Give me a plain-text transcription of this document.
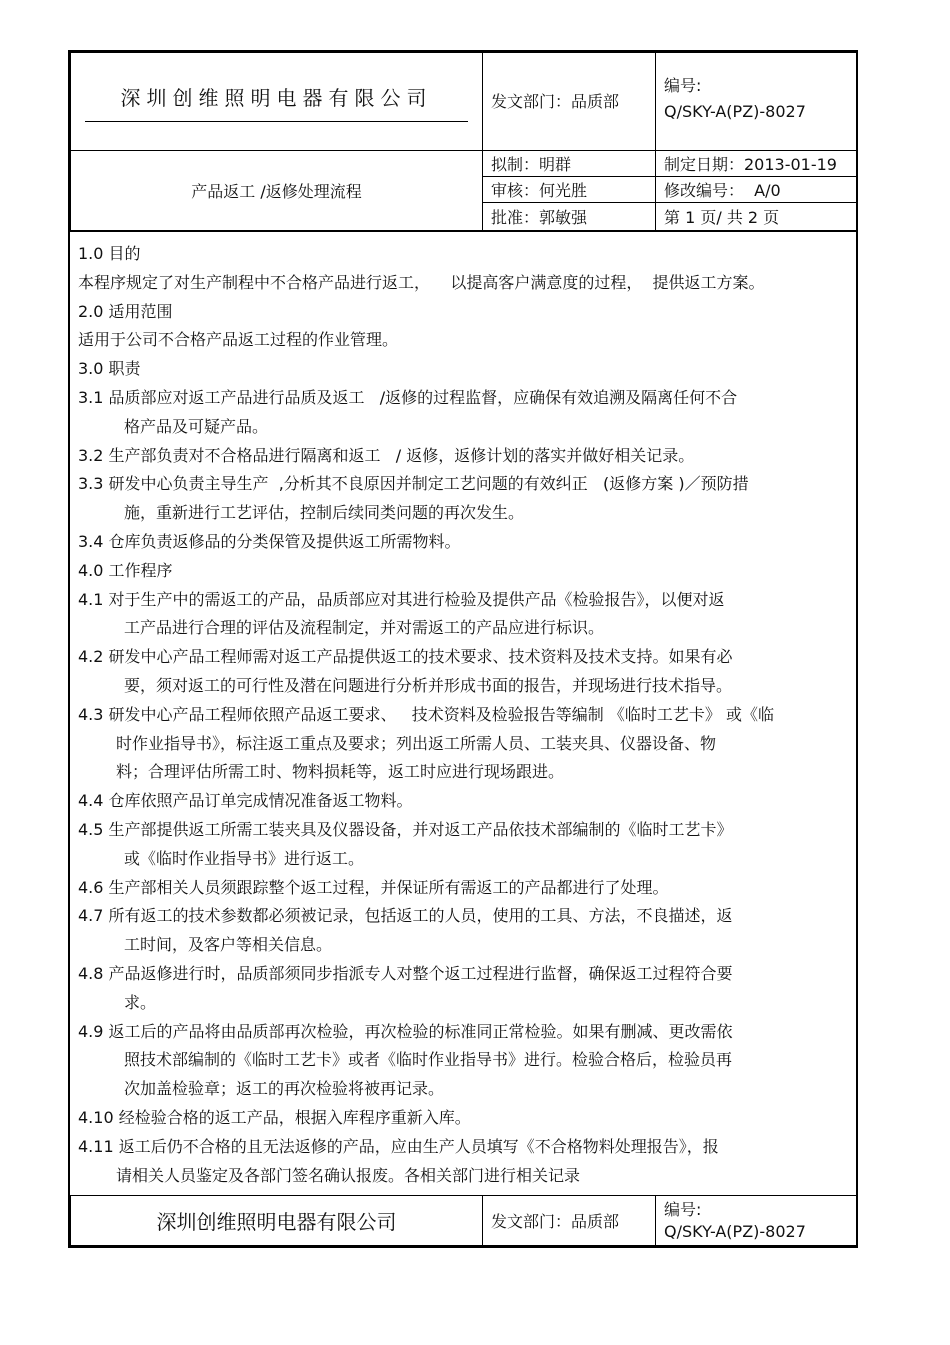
深圳创维照明电器有限公司	发文部门：品质部	编号:
Q/SKY-A(PZ)-8027

产品返工 /返修处理流程	拟制：明群	制定日期：2013-01-19
	审核：何光胜	修改编号：  A/0
	批准：郭敏强	第 1 页/ 共 2 页

1.0 目的

本程序规定了对生产制程中不合格产品进行返工，    以提高客户满意度的过程，  提供返工方案。

2.0 适用范围

适用于公司不合格产品返工过程的作业管理。

3.0 职责

3.1 品质部应对返工产品进行品质及返工   /返修的过程监督，应确保有效追溯及隔离任何不合

格产品及可疑产品。

3.2 生产部负责对不合格品进行隔离和返工   / 返修，返修计划的落实并做好相关记录。

3.3 研发中心负责主导生产  ,分析其不良原因并制定工艺问题的有效纠正   (返修方案 )／预防措

施，重新进行工艺评估，控制后续同类问题的再次发生。

3.4 仓库负责返修品的分类保管及提供返工所需物料。

4.0 工作程序

4.1 对于生产中的需返工的产品，品质部应对其进行检验及提供产品《检验报告》，以便对返

工产品进行合理的评估及流程制定，并对需返工的产品应进行标识。

4.2 研发中心产品工程师需对返工产品提供返工的技术要求、技术资料及技术支持。如果有必

要，须对返工的可行性及潜在问题进行分析并形成书面的报告，并现场进行技术指导。

4.3 研发中心产品工程师依照产品返工要求、   技术资料及检验报告等编制 《临时工艺卡》 或《临

时作业指导书》，标注返工重点及要求；列出返工所需人员、工装夹具、仪器设备、物

料；合理评估所需工时、物料损耗等，返工时应进行现场跟进。

4.4 仓库依照产品订单完成情况准备返工物料。

4.5 生产部提供返工所需工装夹具及仪器设备，并对返工产品依技术部编制的《临时工艺卡》

或《临时作业指导书》进行返工。

4.6 生产部相关人员须跟踪整个返工过程，并保证所有需返工的产品都进行了处理。

4.7 所有返工的技术参数都必须被记录，包括返工的人员，使用的工具、方法，不良描述，返

工时间，及客户等相关信息。

4.8 产品返修进行时，品质部须同步指派专人对整个返工过程进行监督，确保返工过程符合要

求。

4.9 返工后的产品将由品质部再次检验，再次检验的标准同正常检验。如果有删减、更改需依

照技术部编制的《临时工艺卡》或者《临时作业指导书》进行。检验合格后，检验员再

次加盖检验章；返工的再次检验将被再记录。

4.10 经检验合格的返工产品，根据入库程序重新入库。

4.11 返工后仍不合格的且无法返修的产品，应由生产人员填写《不合格物料处理报告》，报

请相关人员鉴定及各部门签名确认报废。各相关部门进行相关记录

深圳创维照明电器有限公司	发文部门：品质部	
编号:
Q/SKY-A(PZ)-8027
